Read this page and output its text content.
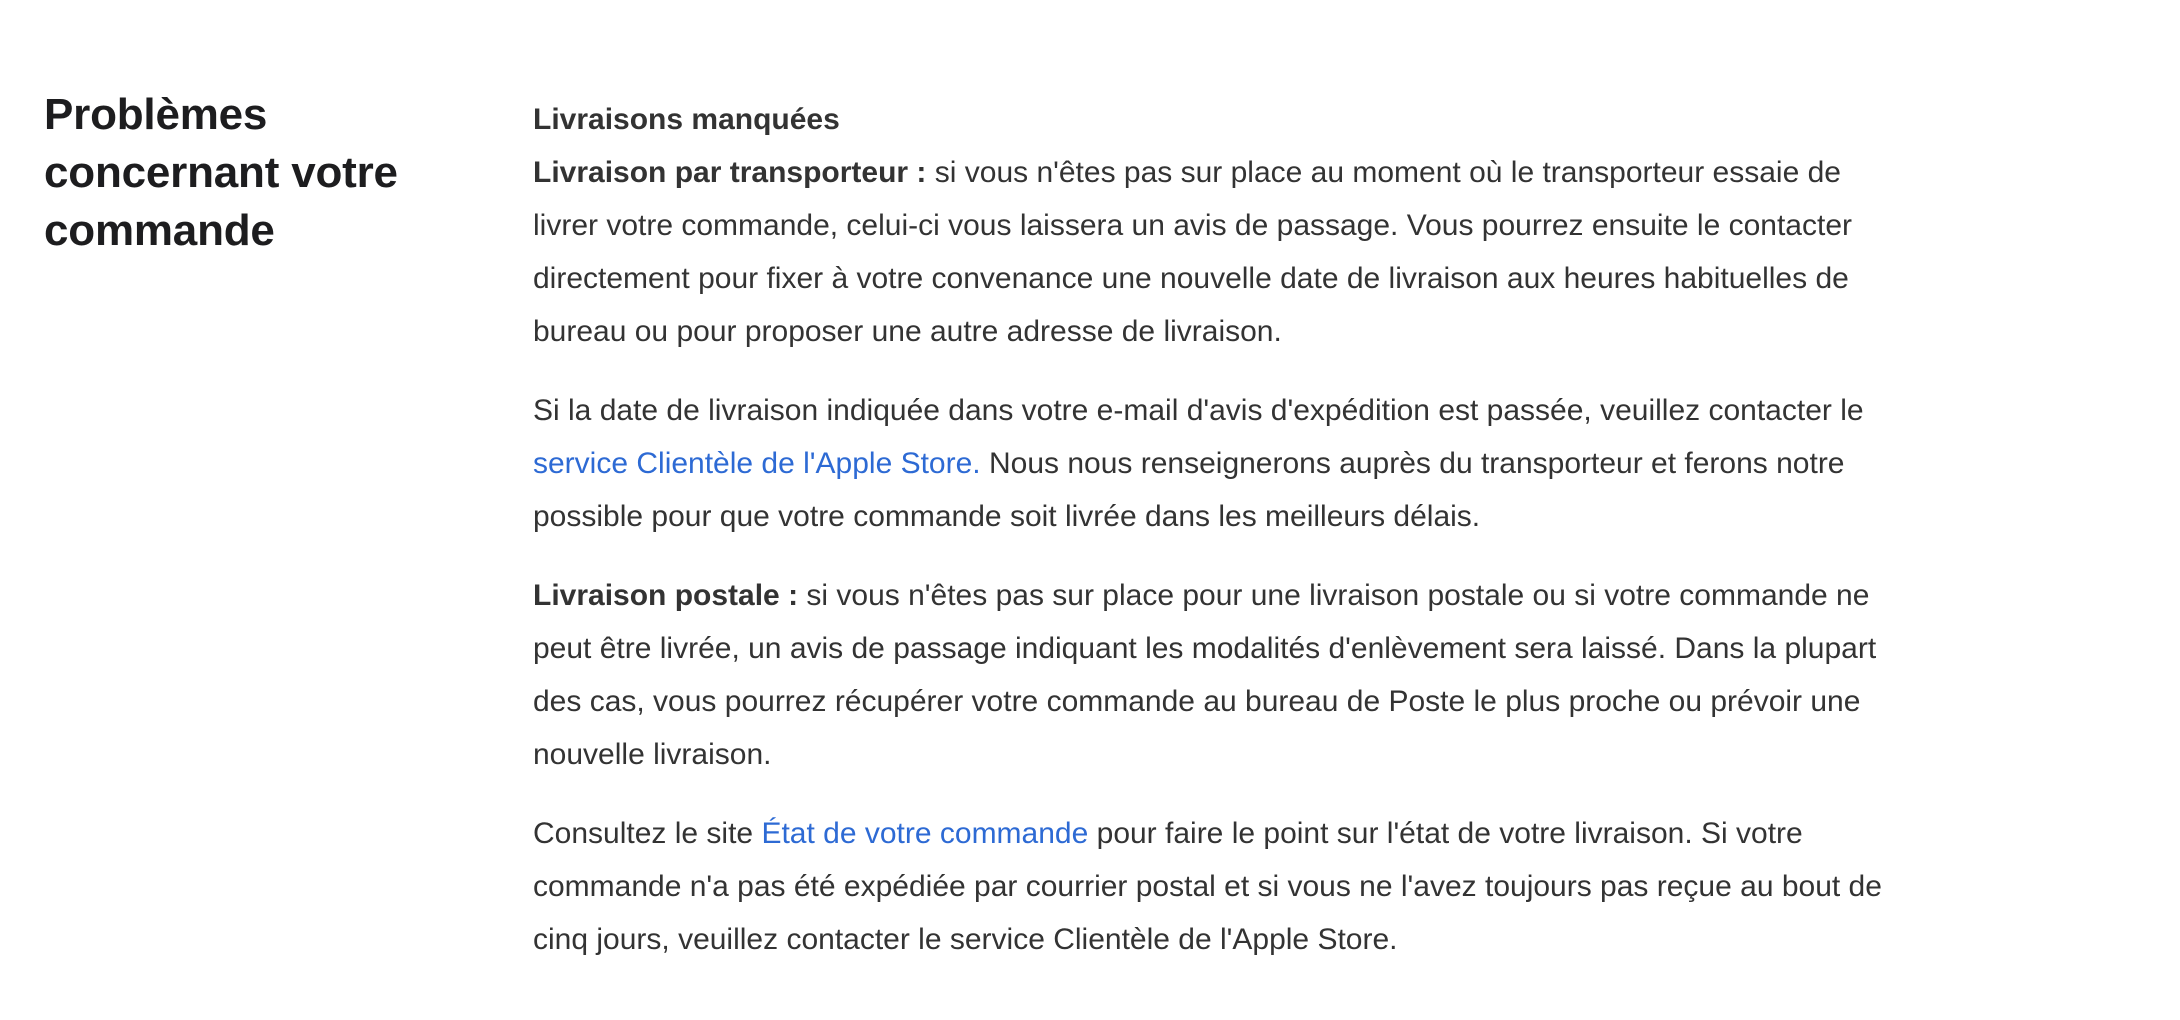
Problèmes concernant votre commande
Livraisons manquées

Livraison par transporteur : si vous n'êtes pas sur place au moment où le transporteur essaie de livrer votre commande, celui-ci vous laissera un avis de passage. Vous pourrez ensuite le contacter directement pour fixer à votre convenance une nouvelle date de livraison aux heures habituelles de bureau ou pour proposer une autre adresse de livraison.

Si la date de livraison indiquée dans votre e-mail d'avis d'expédition est passée, veuillez contacter le service Clientèle de l'Apple Store. Nous nous renseignerons auprès du transporteur et ferons notre possible pour que votre commande soit livrée dans les meilleurs délais.

Livraison postale : si vous n'êtes pas sur place pour une livraison postale ou si votre commande ne peut être livrée, un avis de passage indiquant les modalités d'enlèvement sera laissé. Dans la plupart des cas, vous pourrez récupérer votre commande au bureau de Poste le plus proche ou prévoir une nouvelle livraison.

Consultez le site État de votre commande pour faire le point sur l'état de votre livraison. Si votre commande n'a pas été expédiée par courrier postal et si vous ne l'avez toujours pas reçue au bout de cinq jours, veuillez contacter le service Clientèle de l'Apple Store.
